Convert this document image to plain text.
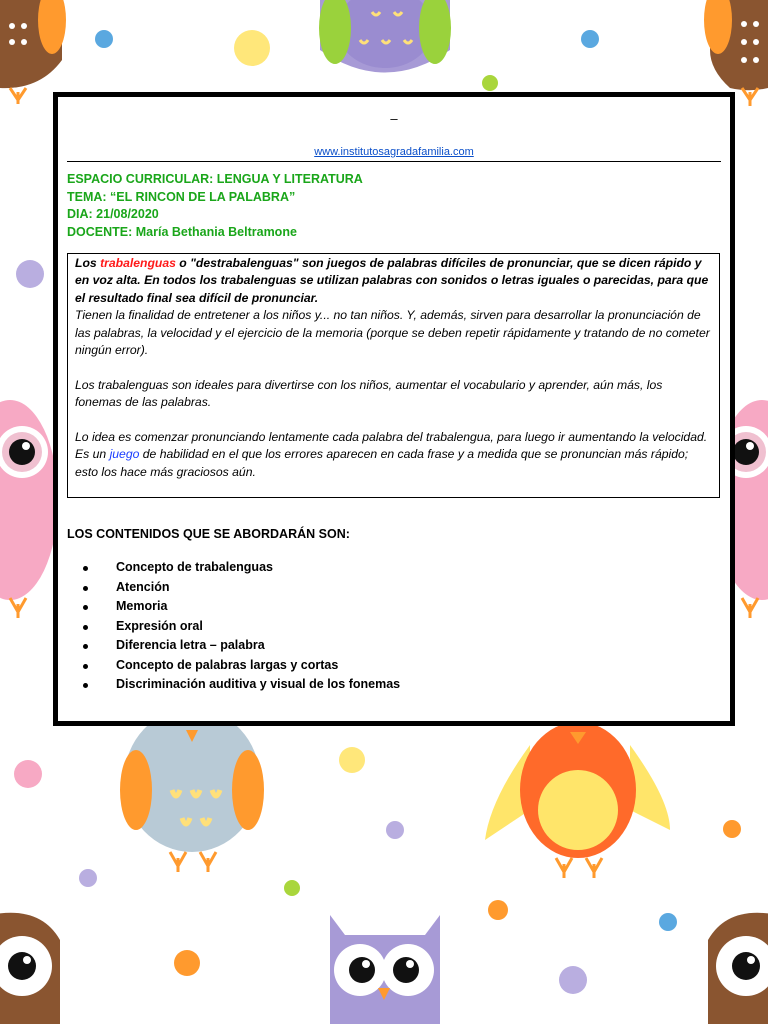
–
www.institutosagradafamilia.com
ESPACIO CURRICULAR: LENGUA Y LITERATURA
TEMA: “EL RINCON DE LA PALABRA”
DIA: 21/08/2020
DOCENTE: María Bethania Beltramone

Los trabalenguas o "destrabalenguas" son juegos de palabras difíciles de pronunciar, que se dicen rápido y en voz alta. En todos los trabalenguas se utilizan palabras con sonidos o letras iguales o parecidas, para que el resultado final sea difícil de pronunciar.

Tienen la finalidad de entretener a los niños y... no tan niños. Y, además, sirven para desarrollar la pronunciación de las palabras, la velocidad y el ejercicio de la memoria (porque se deben repetir rápidamente y tratando de no cometer ningún error).

Los trabalenguas son ideales para divertirse con los niños, aumentar el vocabulario y aprender, aún más, los fonemas de las palabras.

Lo idea es comenzar pronunciando lentamente cada palabra del trabalengua, para luego ir aumentando la velocidad.

Es un juego de habilidad en el que los errores aparecen en cada frase y a medida que se pronuncian más rápido; esto los hace más graciosos aún.

LOS CONTENIDOS QUE SE ABORDARÁN SON:
Concepto de trabalenguas
Atención
Memoria
Expresión oral
Diferencia letra – palabra
Concepto de palabras largas y cortas
Discriminación auditiva y visual de los fonemas
